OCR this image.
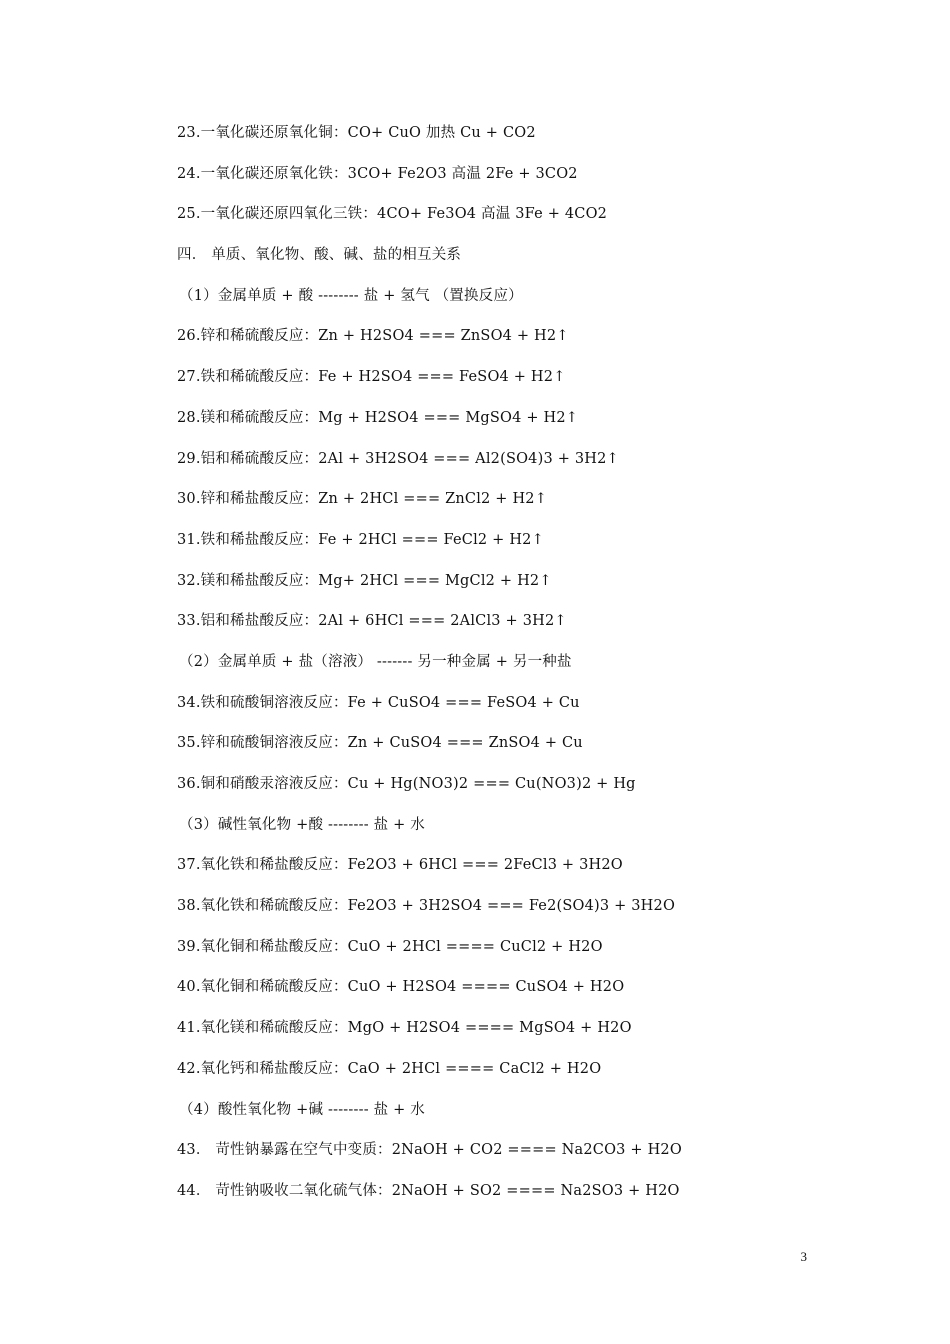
23.一氧化碳还原氧化铜：CO+ CuO 加热 Cu + CO2
24.一氧化碳还原氧化铁：3CO+ Fe2O3 高温 2Fe + 3CO2
25.一氧化碳还原四氧化三铁：4CO+ Fe3O4 高温 3Fe + 4CO2
四． 单质、氧化物、酸、碱、盐的相互关系
（1）金属单质 + 酸 -------- 盐 + 氢气 （置换反应）
26.锌和稀硫酸反应：Zn + H2SO4 === ZnSO4 + H2↑
27.铁和稀硫酸反应：Fe + H2SO4 === FeSO4 + H2↑
28.镁和稀硫酸反应：Mg + H2SO4 === MgSO4 + H2↑
29.铝和稀硫酸反应：2Al + 3H2SO4 === Al2(SO4)3 + 3H2↑
30.锌和稀盐酸反应：Zn + 2HCl === ZnCl2 + H2↑
31.铁和稀盐酸反应：Fe + 2HCl === FeCl2 + H2↑
32.镁和稀盐酸反应：Mg+ 2HCl === MgCl2 + H2↑
33.铝和稀盐酸反应：2Al + 6HCl === 2AlCl3 + 3H2↑
（2）金属单质 + 盐（溶液） ------- 另一种金属 + 另一种盐
34.铁和硫酸铜溶液反应：Fe + CuSO4 === FeSO4 + Cu
35.锌和硫酸铜溶液反应：Zn + CuSO4 === ZnSO4 + Cu
36.铜和硝酸汞溶液反应：Cu + Hg(NO3)2 === Cu(NO3)2 + Hg
（3）碱性氧化物 +酸 -------- 盐 + 水
37.氧化铁和稀盐酸反应：Fe2O3 + 6HCl === 2FeCl3 + 3H2O
38.氧化铁和稀硫酸反应：Fe2O3 + 3H2SO4 === Fe2(SO4)3 + 3H2O
39.氧化铜和稀盐酸反应：CuO + 2HCl ==== CuCl2 + H2O
40.氧化铜和稀硫酸反应：CuO + H2SO4 ==== CuSO4 + H2O
41.氧化镁和稀硫酸反应：MgO + H2SO4 ==== MgSO4 + H2O
42.氧化钙和稀盐酸反应：CaO + 2HCl ==== CaCl2 + H2O
（4）酸性氧化物 +碱 -------- 盐 + 水
43． 苛性钠暴露在空气中变质：2NaOH + CO2 ==== Na2CO3 + H2O
44． 苛性钠吸收二氧化硫气体：2NaOH + SO2 ==== Na2SO3 + H2O
3
